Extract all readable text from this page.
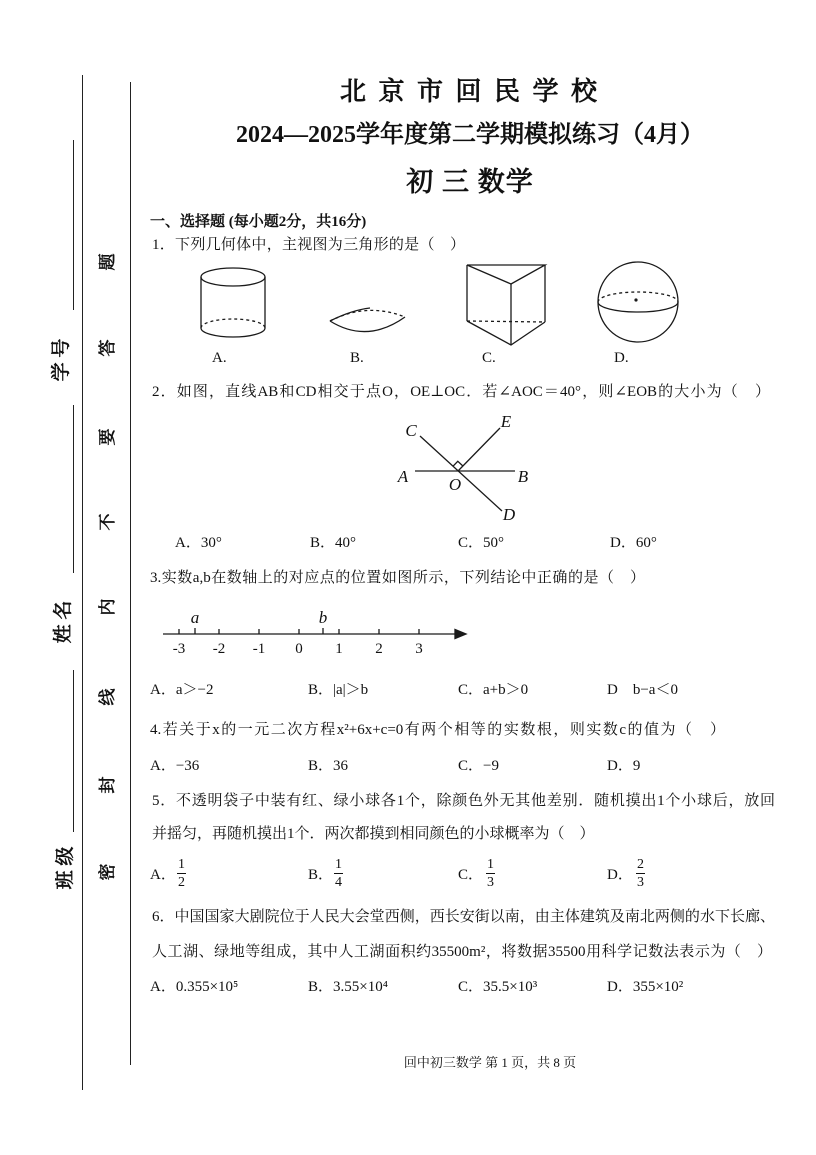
学 号
姓 名
班 级 密
封
线
内
不
要
答
题
北 京 市 回 民 学 校
2024—2025学年度第二学期模拟练习（4月）
初 三 数学
一、选择题 (每小题2分，共16分)
1．下列几何体中，主视图为三角形的是（　）
A.	B.	C.	D.
2．如图，直线AB和CD相交于点O，OE⊥OC．若∠AOC＝40°，则∠EOB的大小为（　）
A．30°	B．40°	C．50°	D．60°
3.实数a,b在数轴上的对应点的位置如图所示，下列结论中正确的是（　）
A．a＞−2	B．|a|＞b	C．a+b＞0	D　b−a＜0
4.若关于x的一元二次方程x²+6x+c=0有两个相等的实数根，则实数c的值为（　）
A．−36	B．36	C．−9	D．9
5．不透明袋子中装有红、绿小球各1个，除颜色外无其他差别．随机摸出1个小球后，放回
并摇匀，再随机摸出1个．两次都摸到相同颜色的小球概率为（　）
A． $\frac{1}{2}$	B． $\frac{1}{4}$	C． $\frac{1}{3}$	D． $\frac{2}{3}$
6．中国国家大剧院位于人民大会堂西侧，西长安街以南，由主体建筑及南北两侧的水下长廊、
人工湖、绿地等组成，其中人工湖面积约35500m²，将数据35500用科学记数法表示为（　）
A．0.355×10⁵	B．3.55×10⁴	C．35.5×10³	D．355×10²
回中初三数学 第 1 页，共 8 页
C	E
A O	B
D
-3 -2 -1 0 1 2 3
a	b
